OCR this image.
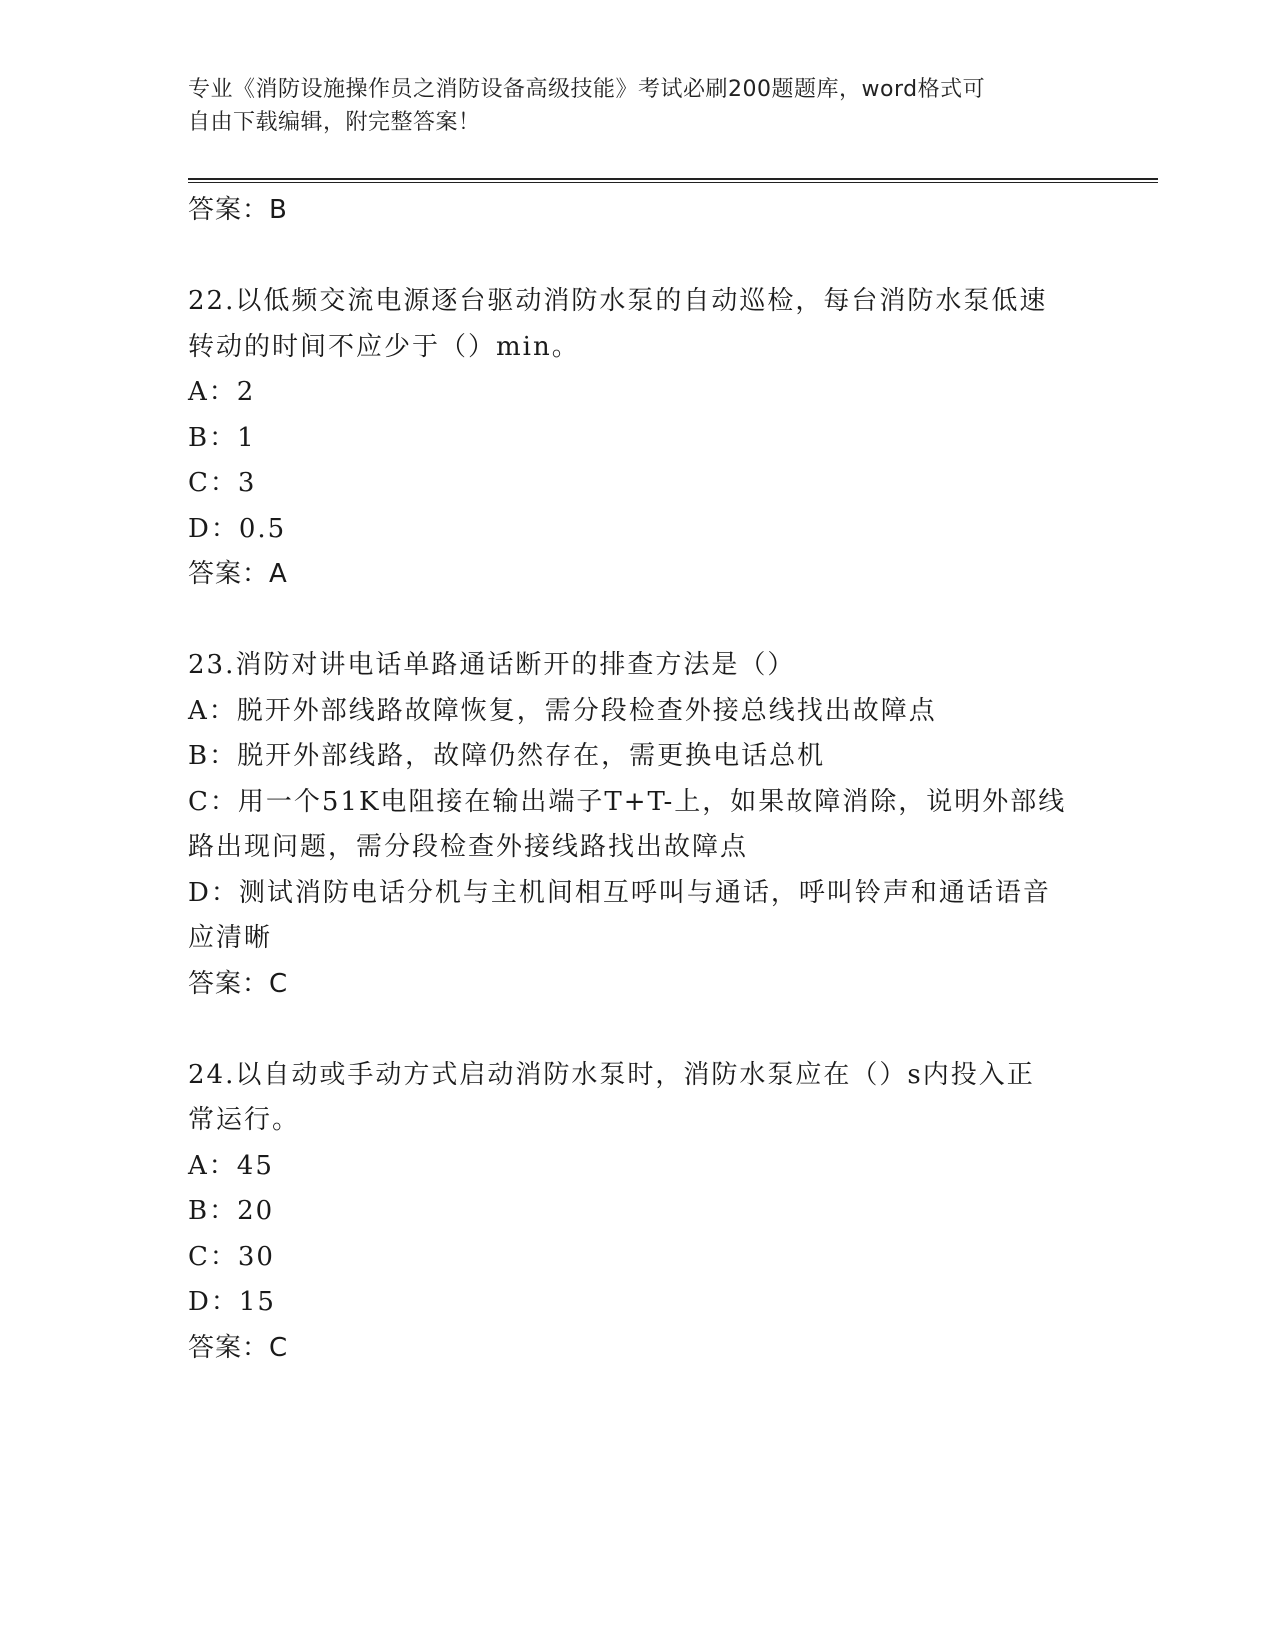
专业《消防设施操作员之消防设备高级技能》考试必刷200题题库，word格式可
自由下载编辑，附完整答案！

答案：B

22.以低频交流电源逐台驱动消防水泵的自动巡检，每台消防水泵低速

转动的时间不应少于（）min。

A：2

B：1

C：3

D：0.5

答案：A

23.消防对讲电话单路通话断开的排查方法是（）

A：脱开外部线路故障恢复，需分段检查外接总线找出故障点

B：脱开外部线路，故障仍然存在，需更换电话总机

C：用一个51K电阻接在输出端子T+T-上，如果故障消除，说明外部线

路出现问题，需分段检查外接线路找出故障点

D：测试消防电话分机与主机间相互呼叫与通话，呼叫铃声和通话语音

应清晰

答案：C

24.以自动或手动方式启动消防水泵时，消防水泵应在（）s内投入正

常运行。

A：45

B：20

C：30

D：15

答案：C
